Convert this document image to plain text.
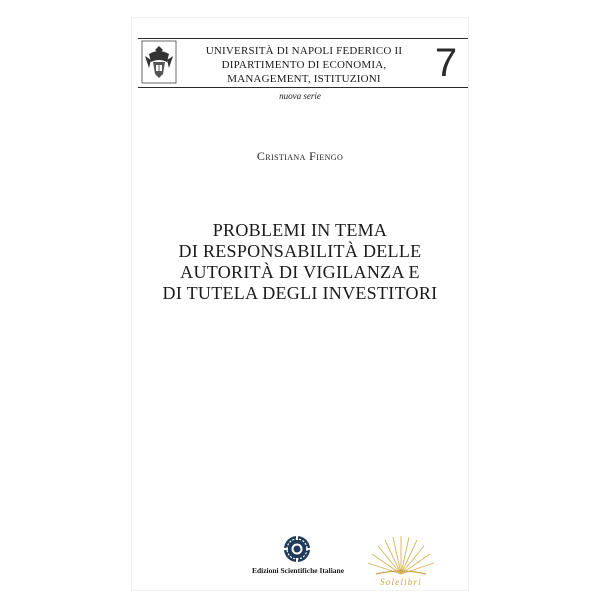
UNIVERSITÀ DI NAPOLI FEDERICO II
DIPARTIMENTO DI ECONOMIA,
MANAGEMENT, ISTITUZIONI	7
nuova serie
Cristiana Fiengo
PROBLEMI IN TEMA
DI RESPONSABILITÀ DELLE
AUTORITÀ DI VIGILANZA E
DI TUTELA DEGLI INVESTITORI
Edizioni Scientifiche Italiane
Solelibri
